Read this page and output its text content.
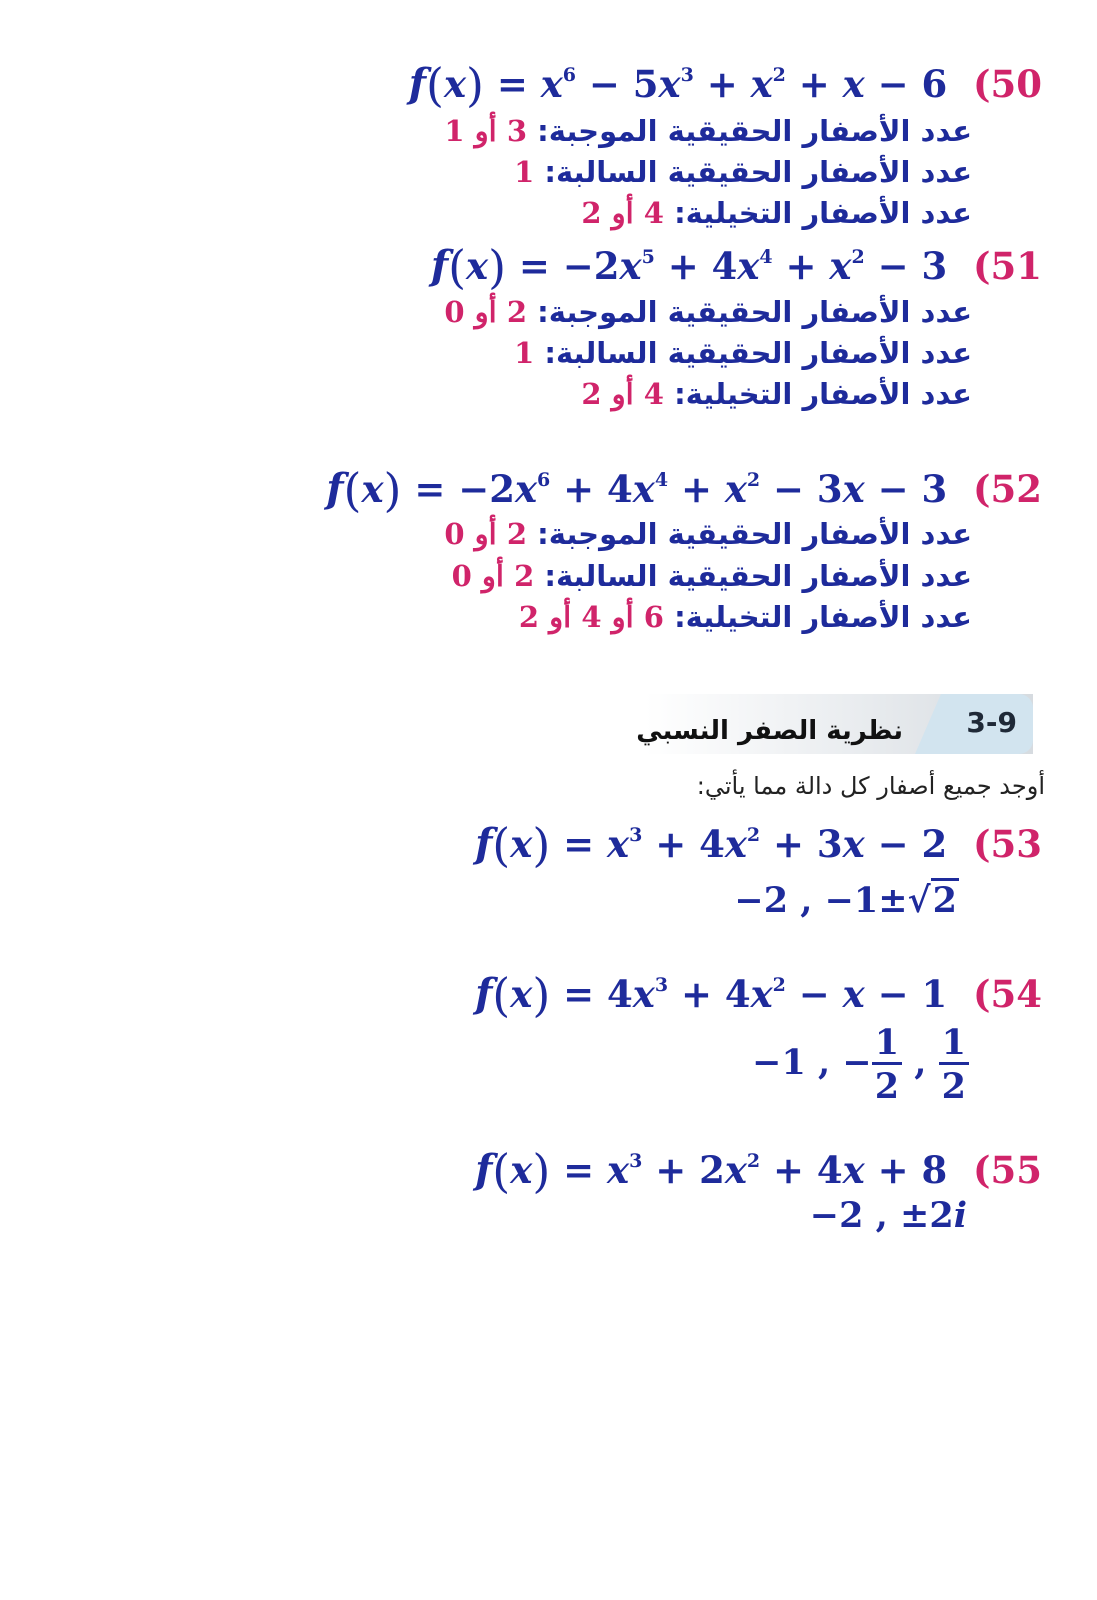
$f(x) = x^6 - 5x^3 + x^2 + x - 6$  (50
عدد الأصفار الحقيقية الموجبة: 3 أو 1
عدد الأصفار الحقيقية السالبة: 1
عدد الأصفار التخيلية: 4 أو 2
$f(x) = -2x^5 + 4x^4 + x^2 - 3$  (51
عدد الأصفار الحقيقية الموجبة: 2 أو 0
عدد الأصفار الحقيقية السالبة: 1
عدد الأصفار التخيلية: 4 أو 2
$f(x) = -2x^6 + 4x^4 + x^2 - 3x - 3$  (52
عدد الأصفار الحقيقية الموجبة: 2 أو 0
عدد الأصفار الحقيقية السالبة: 2 أو 0
عدد الأصفار التخيلية: 6 أو 4 أو 2
3-9
نظرية الصفر النسبي
أوجد جميع أصفار كل دالة مما يأتي:
$f(x) = x^3 + 4x^2 + 3x - 2$  (53
−2 , −1±√2
$f(x) = 4x^3 + 4x^2 - x - 1$  (54
−1 , − $\frac{1}{2}$ , $\frac{1}{2}$
$f(x) = x^3 + 2x^2 + 4x + 8$  (55
−2 , ±2i
